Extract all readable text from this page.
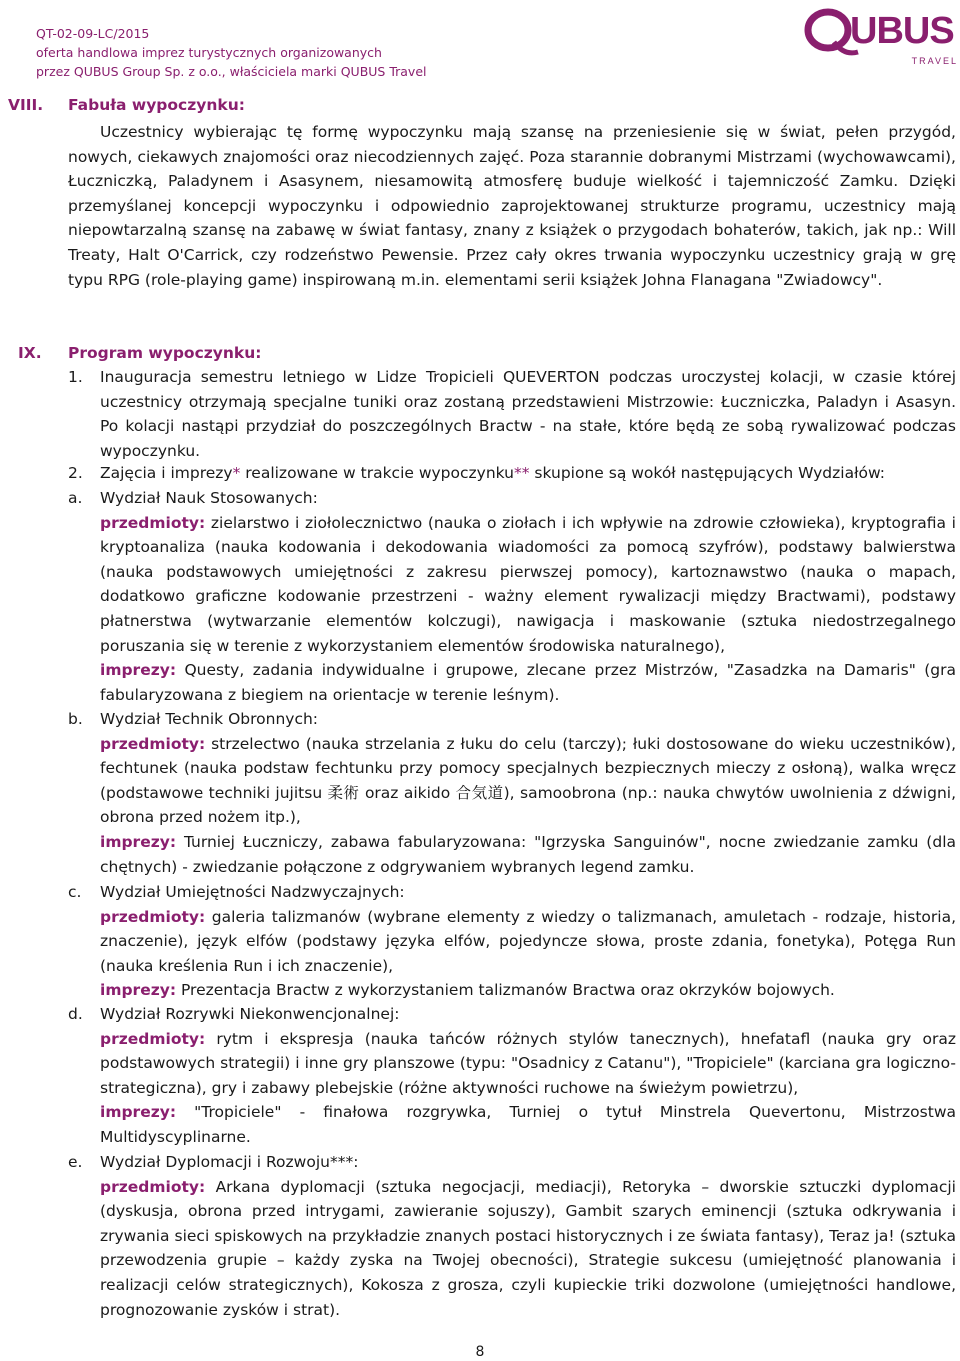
QT-02-09-LC/2015
oferta handlowa imprez turystycznych organizowanych
przez QUBUS Group Sp. z o.o., właściciela marki QUBUS Travel
UBUS
TRAVEL
VIII. Fabuła wypoczynku:
Uczestnicy wybierając tę formę wypoczynku mają szansę na przeniesienie się w świat, pełen przygód, nowych, ciekawych znajomości oraz niecodziennych zajęć. Poza starannie dobranymi Mistrzami (wychowawcami), Łuczniczką, Paladynem i Asasynem, niesamowitą atmosferę buduje wielkość i tajemniczość Zamku. Dzięki przemyślanej koncepcji wypoczynku i odpowiednio zaprojektowanej strukturze programu, uczestnicy mają niepowtarzalną szansę na zabawę w świat fantasy, znany z książek o przygodach bohaterów, takich, jak np.: Will Treaty, Halt O'Carrick, czy rodzeństwo Pewensie. Przez cały okres trwania wypoczynku uczestnicy grają w grę typu RPG (role-playing game) inspirowaną m.in. elementami serii książek Johna Flanagana "Zwiadowcy".
IX. Program wypoczynku:
1. Inauguracja semestru letniego w Lidze Tropicieli QUEVERTON podczas uroczystej kolacji, w czasie której uczestnicy otrzymają specjalne tuniki oraz zostaną przedstawieni Mistrzowie: Łuczniczka, Paladyn i Asasyn. Po kolacji nastąpi przydział do poszczególnych Bractw - na stałe, które będą ze sobą rywalizować podczas wypoczynku.
2. Zajęcia i imprezy* realizowane w trakcie wypoczynku** skupione są wokół następujących Wydziałów:
a. Wydział Nauk Stosowanych:
przedmioty: zielarstwo i ziołolecznictwo (nauka o ziołach i ich wpływie na zdrowie człowieka), kryptografia i kryptoanaliza (nauka kodowania i dekodowania wiadomości za pomocą szyfrów), podstawy balwierstwa (nauka podstawowych umiejętności z zakresu pierwszej pomocy), kartoznawstwo (nauka o mapach, dodatkowo graficzne kodowanie przestrzeni - ważny element rywalizacji między Bractwami), podstawy płatnerstwa (wytwarzanie elementów kolczugi), nawigacja i maskowanie (sztuka niedostrzegalnego poruszania się w terenie z wykorzystaniem elementów środowiska naturalnego),
imprezy: Questy, zadania indywidualne i grupowe, zlecane przez Mistrzów, "Zasadzka na Damaris" (gra fabularyzowana z biegiem na orientacje w terenie leśnym).
b. Wydział Technik Obronnych:
przedmioty: strzelectwo (nauka strzelania z łuku do celu (tarczy); łuki dostosowane do wieku uczestników), fechtunek (nauka podstaw fechtunku przy pomocy specjalnych bezpiecznych mieczy z osłoną), walka wręcz (podstawowe techniki jujitsu 柔術 oraz aikido 合気道), samoobrona (np.: nauka chwytów uwolnienia z dźwigni, obrona przed nożem itp.),
imprezy: Turniej Łuczniczy, zabawa fabularyzowana: "Igrzyska Sanguinów", nocne zwiedzanie zamku (dla chętnych) - zwiedzanie połączone z odgrywaniem wybranych legend zamku.
c. Wydział Umiejętności Nadzwyczajnych:
przedmioty: galeria talizmanów (wybrane elementy z wiedzy o talizmanach, amuletach - rodzaje, historia, znaczenie), język elfów (podstawy języka elfów, pojedyncze słowa, proste zdania, fonetyka), Potęga Run (nauka kreślenia Run i ich znaczenie),
imprezy: Prezentacja Bractw z wykorzystaniem talizmanów Bractwa oraz okrzyków bojowych.
d. Wydział Rozrywki Niekonwencjonalnej:
przedmioty: rytm i ekspresja (nauka tańców różnych stylów tanecznych), hnefatafl (nauka gry oraz podstawowych strategii) i inne gry planszowe (typu: "Osadnicy z Catanu"), "Tropiciele" (karciana gra logiczno-strategiczna), gry i zabawy plebejskie (różne aktywności ruchowe na świeżym powietrzu),
imprezy: "Tropiciele" - finałowa rozgrywka, Turniej o tytuł Minstrela Quevertonu, Mistrzostwa Multidyscyplinarne.
e. Wydział Dyplomacji i Rozwoju***:
przedmioty: Arkana dyplomacji (sztuka negocjacji, mediacji), Retoryka – dworskie sztuczki dyplomacji (dyskusja, obrona przed intrygami, zawieranie sojuszy), Gambit szarych eminencji (sztuka odkrywania i zrywania sieci spiskowych na przykładzie znanych postaci historycznych i ze świata fantasy), Teraz ja! (sztuka przewodzenia grupie – każdy zyska na Twojej obecności), Strategie sukcesu (umiejętność planowania i realizacji celów strategicznych), Kokosza z grosza, czyli kupieckie triki dozwolone (umiejętności handlowe, prognozowanie zysków i strat).
8
